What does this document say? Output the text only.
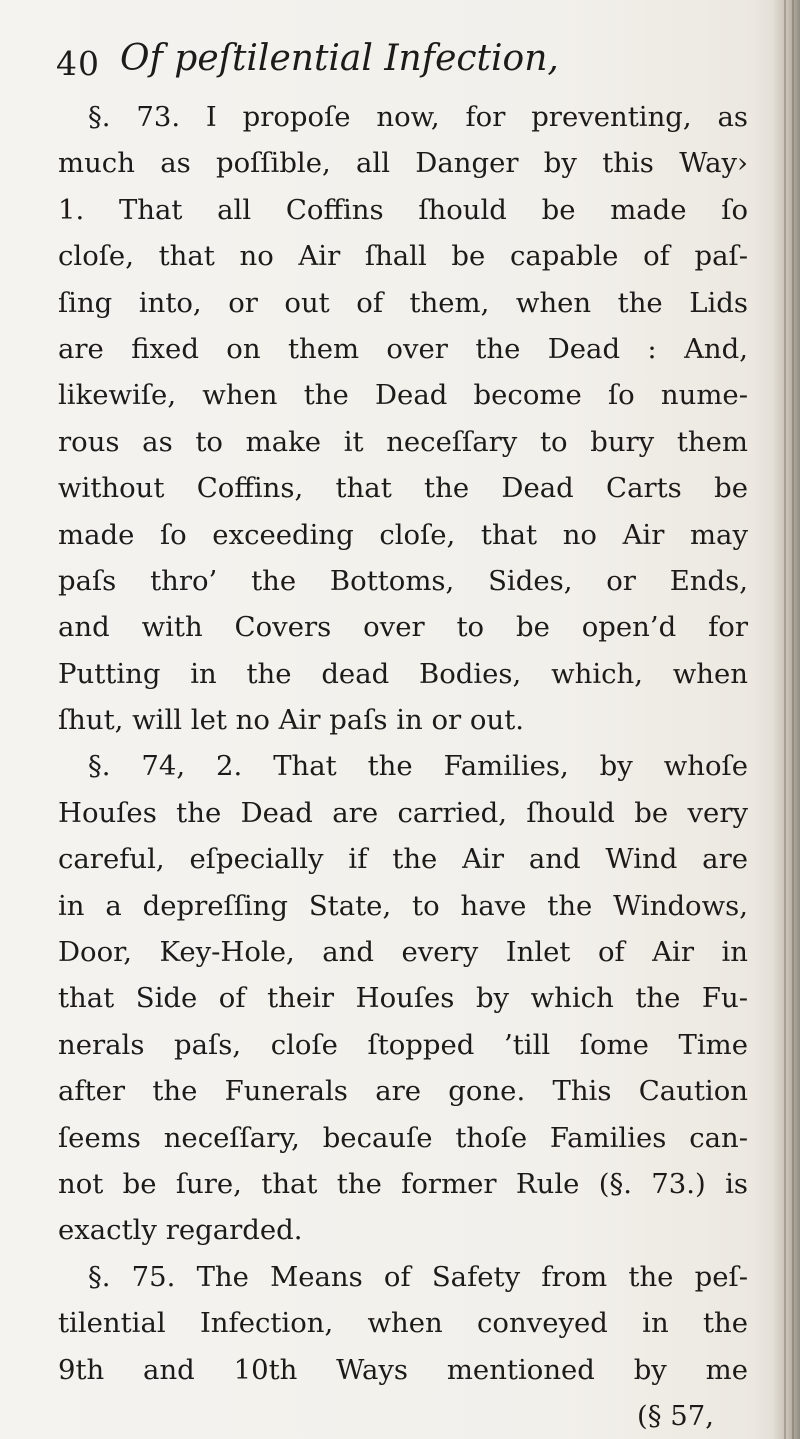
40 Of peſtilential Infection,
§. 73. I propoſe now, for preventing, as
much as poſſible, all Danger by this Way›
1. That all Coffins ſhould be made ſo
cloſe, that no Air ſhall be capable of paſ-
ſing into, or out of them, when the Lids
are fixed on them over the Dead : And,
likewiſe, when the Dead become ſo nume-
rous as to make it neceſſary to bury them
without Coffins, that the Dead Carts be
made ſo exceeding cloſe, that no Air may
paſs thro’ the Bottoms, Sides, or Ends,
and with Covers over to be open’d for
Putting in the dead Bodies, which, when
ſhut, will let no Air paſs in or out.
§. 74, 2. That the Families, by whoſe
Houſes the Dead are carried, ſhould be very
careful, eſpecially if the Air and Wind are
in a depreſſing State, to have the Windows,
Door, Key-Hole, and every Inlet of Air in
that Side of their Houſes by which the Fu-
nerals paſs, cloſe ſtopped ’till ſome Time
after the Funerals are gone. This Caution
ſeems neceſſary, becauſe thoſe Families can-
not be ſure, that the former Rule (§. 73.) is
exactly regarded.
§. 75. The Means of Safety from the peſ-
tilential Infection, when conveyed in the
9th and 10th Ways mentioned by me
(§ 57,
